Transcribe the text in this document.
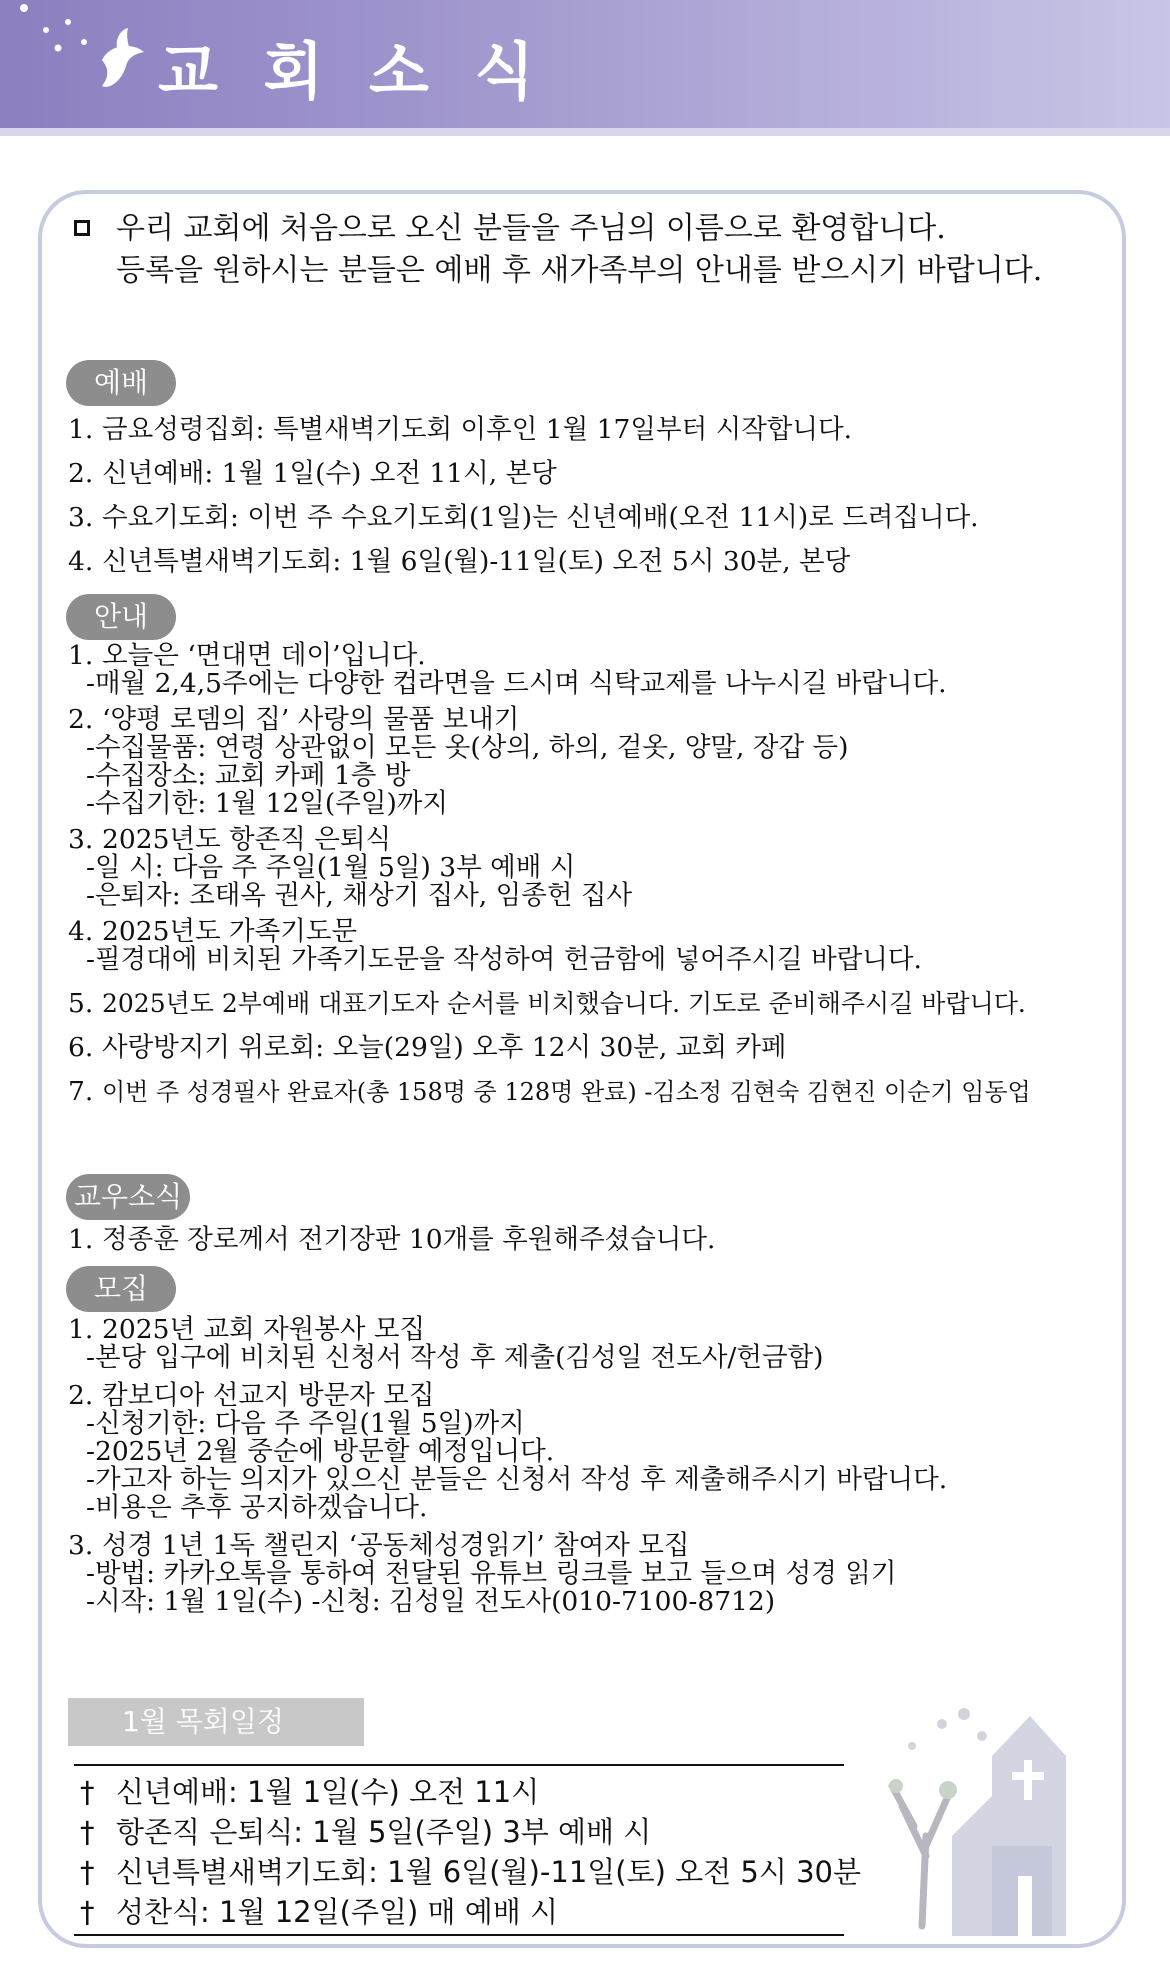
교 회 소 식
우리 교회에 처음으로 오신 분들을 주님의 이름으로 환영합니다.
등록을 원하시는 분들은 예배 후 새가족부의 안내를 받으시기 바랍니다.
예배
1. 금요성령집회: 특별새벽기도회 이후인 1월 17일부터 시작합니다.
2. 신년예배: 1월 1일(수) 오전 11시, 본당
3. 수요기도회: 이번 주 수요기도회(1일)는 신년예배(오전 11시)로 드려집니다.
4. 신년특별새벽기도회: 1월 6일(월)-11일(토) 오전 5시 30분, 본당
안내
1. 오늘은 ‘면대면 데이’입니다.
-매월 2,4,5주에는 다양한 컵라면을 드시며 식탁교제를 나누시길 바랍니다.
2. ‘양평 로뎀의 집’ 사랑의 물품 보내기
-수집물품: 연령 상관없이 모든 옷(상의, 하의, 겉옷, 양말, 장갑 등)
-수집장소: 교회 카페 1층 방
-수집기한: 1월 12일(주일)까지
3. 2025년도 항존직 은퇴식
-일 시: 다음 주 주일(1월 5일) 3부 예배 시
-은퇴자: 조태옥 권사, 채상기 집사, 임종헌 집사
4. 2025년도 가족기도문
-필경대에 비치된 가족기도문을 작성하여 헌금함에 넣어주시길 바랍니다.
5. 2025년도 2부예배 대표기도자 순서를 비치했습니다. 기도로 준비해주시길 바랍니다.
6. 사랑방지기 위로회: 오늘(29일) 오후 12시 30분, 교회 카페
7. 이번 주 성경필사 완료자(총 158명 중 128명 완료) -김소정 김현숙 김현진 이순기 임동업
교우소식
1. 정종훈 장로께서 전기장판 10개를 후원해주셨습니다.
모집
1. 2025년 교회 자원봉사 모집
-본당 입구에 비치된 신청서 작성 후 제출(김성일 전도사/헌금함)
2. 캄보디아 선교지 방문자 모집
-신청기한: 다음 주 주일(1월 5일)까지
-2025년 2월 중순에 방문할 예정입니다.
-가고자 하는 의지가 있으신 분들은 신청서 작성 후 제출해주시기 바랍니다.
-비용은 추후 공지하겠습니다.
3. 성경 1년 1독 챌린지 ‘공동체성경읽기’ 참여자 모집
-방법: 카카오톡을 통하여 전달된 유튜브 링크를 보고 들으며 성경 읽기
-시작: 1월 1일(수) -신청: 김성일 전도사(010-7100-8712)
1월 목회일정
† 신년예배: 1월 1일(수) 오전 11시
† 항존직 은퇴식: 1월 5일(주일) 3부 예배 시
† 신년특별새벽기도회: 1월 6일(월)-11일(토) 오전 5시 30분
† 성찬식: 1월 12일(주일) 매 예배 시
